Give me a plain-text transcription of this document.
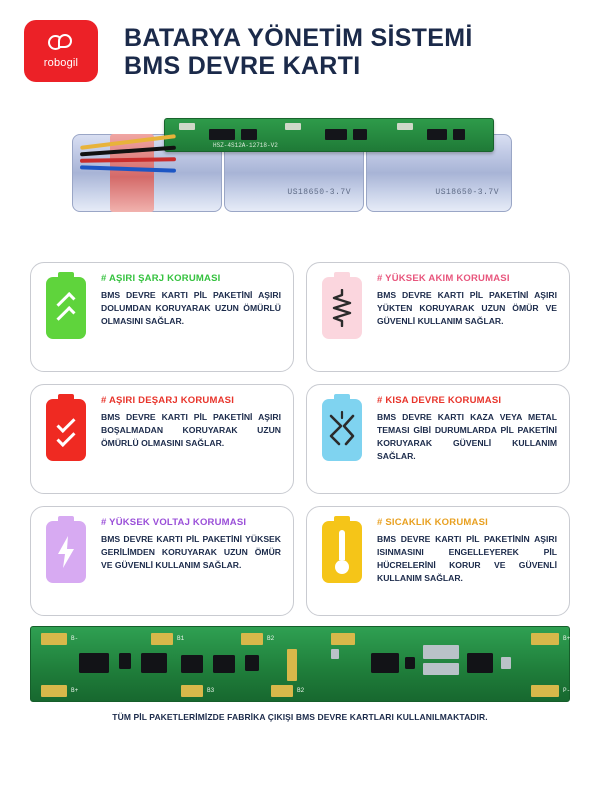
robogil
BATARYA YÖNETİM SİSTEMİ
BMS DEVRE KARTI
US18650-3.7V	US18650-3.7V
HSZ-4S12A-12718-V2
# AŞIRI ŞARJ KORUMASI
BMS DEVRE KARTI PİL PAKETİNİ AŞIRI DOLUMDAN KORUYARAK UZUN ÖMÜRLÜ OLMASINI SAĞLAR.
# YÜKSEK AKIM KORUMASI
BMS DEVRE KARTI PİL PAKETİNİ AŞIRI YÜKTEN KORUYARAK UZUN ÖMÜR VE GÜVENLİ KULLANIM SAĞLAR.
# AŞIRI DEŞARJ KORUMASI
BMS DEVRE KARTI PİL PAKETİNİ AŞIRI BOŞALMADAN KORUYARAK UZUN ÖMÜRLÜ OLMASINI SAĞLAR.
# KISA DEVRE KORUMASI
BMS DEVRE KARTI KAZA VEYA METAL TEMASI GİBİ DURUMLARDA PİL PAKETİNİ KORUYARAK GÜVENLİ KULLANIM SAĞLAR.
# YÜKSEK VOLTAJ KORUMASI
BMS DEVRE KARTI PİL PAKETİNİ YÜKSEK GERİLİMDEN KORUYARAK UZUN ÖMÜR VE GÜVENLİ KULLANIM SAĞLAR.
# SICAKLIK KORUMASI
BMS DEVRE KARTI PİL PAKETİNİN AŞIRI ISINMASINI ENGELLEYEREK PİL HÜCRELERİNİ KORUR VE GÜVENLİ KULLANIM SAĞLAR.
B-	B1	B2	B+
B+	B3	B2	P-
TÜM PİL PAKETLERİMİZDE FABRİKA ÇIKIŞI BMS DEVRE KARTLARI KULLANILMAKTADIR.
